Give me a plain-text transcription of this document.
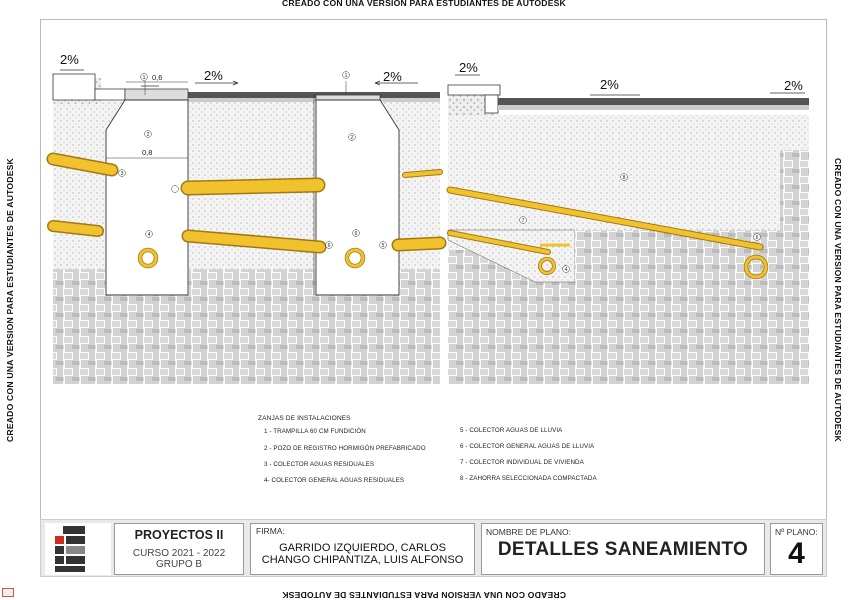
CREADO CON UNA VERSION PARA ESTUDIANTES DE AUTODESK
CREADO CON UNA VERSION PARA ESTUDIANTES DE AUTODESK
CREADO CON UNA VERSION PARA ESTUDIANTES DE AUTODESK	CREADO CON UNA VERSION PARA ESTUDIANTES DE AUTODESK
2%
2%	2%
2%
2%	2%
0,6
0,8
1
2
3
4
1
2
6
5
6
8
7
4
6
ZANJAS DE INSTALACIONES
1 - TRAMPILLA 60 CM FUNDICIÓN
2 - POZO DE REGISTRO HORMIGÓN PREFABRICADO
3 - COLECTOR AGUAS RESIDUALES
4- COLECTOR GENERAL AGUAS RESIDUALES
5 - COLECTOR AGUAS DE LLUVIA
6 - COLECTOR GENERAL AGUAS DE LLUVIA
7 - COLECTOR INDIVIDUAL DE VIVIENDA
8 - ZAHORRA SELECCIONADA COMPACTADA
PROYECTOS II
CURSO 2021 - 2022
GRUPO B
FIRMA:
GARRIDO IZQUIERDO, CARLOS
CHANGO CHIPANTIZA, LUIS ALFONSO
NOMBRE DE PLANO:
DETALLES SANEAMIENTO
Nº PLANO:
4
